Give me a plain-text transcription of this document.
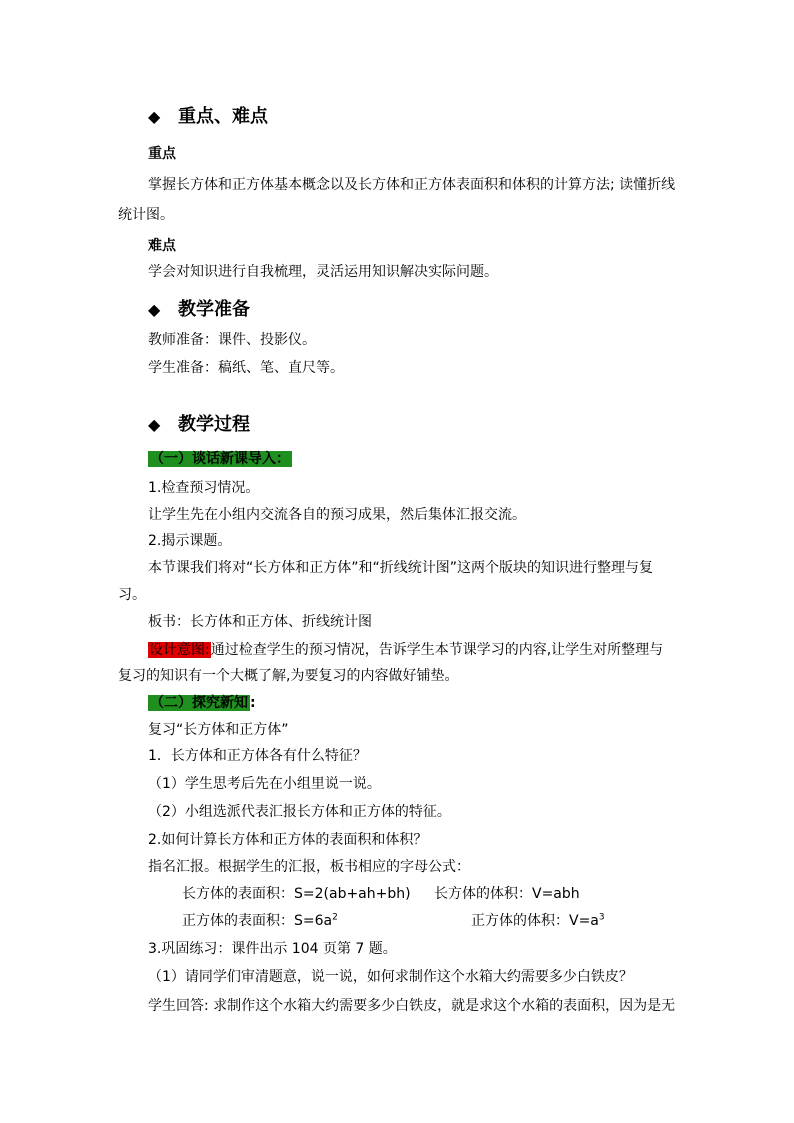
◆ 重点、难点
重点
掌握长方体和正方体基本概念以及长方体和正方体表面积和体积的计算方法; 读懂折线
统计图。
难点
学会对知识进行自我梳理，灵活运用知识解决实际问题。
◆ 教学准备
教师准备：课件、投影仪。
学生准备：稿纸、笔、直尺等。
◆ 教学过程
（一）谈话新课导入：
1.检查预习情况。
让学生先在小组内交流各自的预习成果，然后集体汇报交流。
2.揭示课题。
本节课我们将对“长方体和正方体”和“折线统计图”这两个版块的知识进行整理与复
习。
板书：长方体和正方体、折线统计图
设计意图:通过检查学生的预习情况，告诉学生本节课学习的内容,让学生对所整理与
复习的知识有一个大概了解,为要复习的内容做好铺垫。
（二）探究新知 :
复习“长方体和正方体”
1．长方体和正方体各有什么特征？
（1）学生思考后先在小组里说一说。
（2）小组选派代表汇报长方体和正方体的特征。
2.如何计算长方体和正方体的表面积和体积？
指名汇报。根据学生的汇报，板书相应的字母公式：
长方体的表面积：S=2(ab+ah+bh) 长方体的体积：V=abh
正方体的表面积：$S=6a^2$	正方体的体积：$V=a^3$
3.巩固练习：课件出示 104 页第 7 题。
（1）请同学们审清题意，说一说，如何求制作这个水箱大约需要多少白铁皮？
学生回答: 求制作这个水箱大约需要多少白铁皮，就是求这个水箱的表面积，因为是无
